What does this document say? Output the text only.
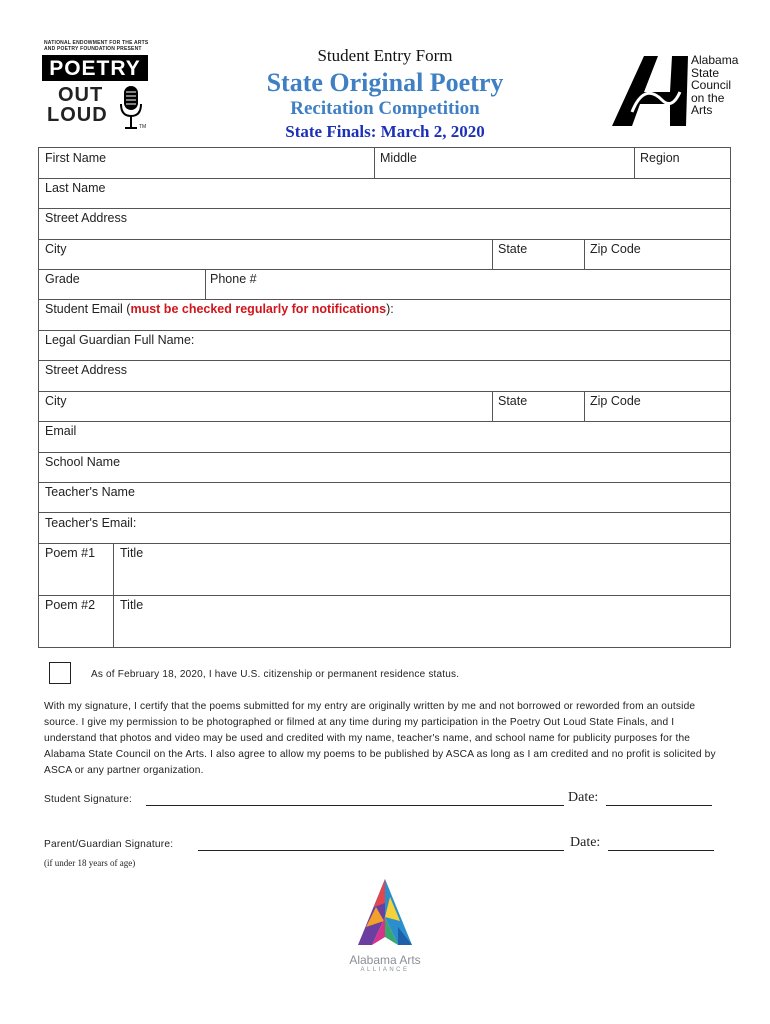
NATIONAL ENDOWMENT FOR THE ARTS AND POETRY FOUNDATION PRESENT
POETRY
OUT
LOUD
TM
Student Entry Form
State Original Poetry
Recitation Competition
State Finals: March 2, 2020
Alabama
State
Council
on the
Arts
First Name	Middle	Region
Last Name
Street Address
City	State	Zip Code
Grade	Phone #
Student Email (must be checked regularly for notifications):
Legal Guardian Full Name:
Street Address
City	State	Zip Code
Email
School Name
Teacher's Name
Teacher's Email:
Poem #1 Title
Poem #2 Title
As of February 18, 2020, I have U.S. citizenship or permanent residence status.
With my signature, I certify that the poems submitted for my entry are originally written by me and not borrowed or reworded from an outside source. I give my permission to be photographed or filmed at any time during my participation in the Poetry Out Loud State Finals, and I understand that photos and video may be used and credited with my name, teacher's name, and school name for publicity purposes for the Alabama State Council on the Arts. I also agree to allow my poems to be published by ASCA as long as I am credited and no profit is solicited by ASCA or any partner organization.
Student Signature:	Date:
Parent/Guardian Signature:	Date:
(if under 18 years of age)
Alabama Arts
ALLIANCE
